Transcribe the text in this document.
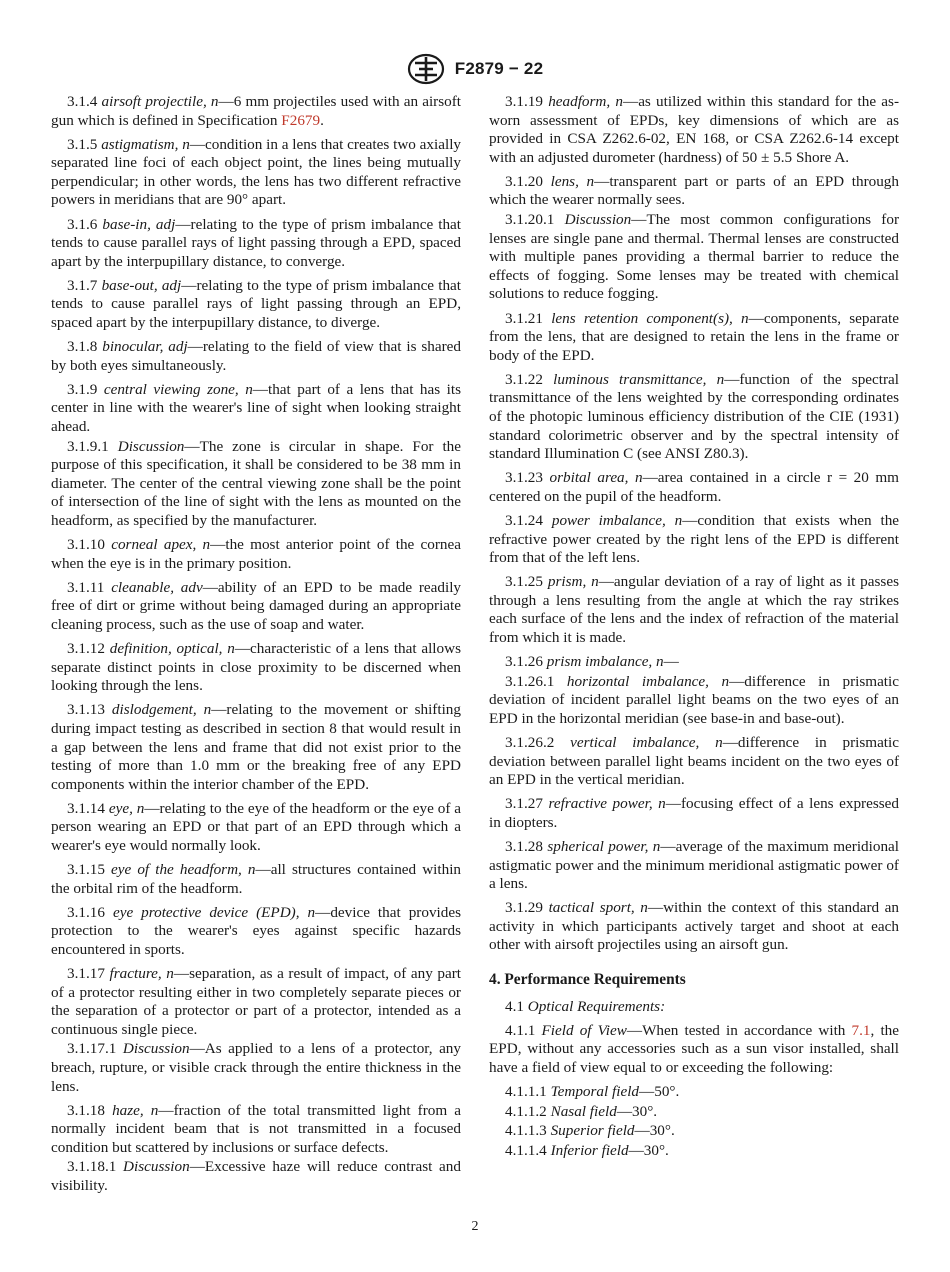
F2879 − 22

3.1.4 airsoft projectile, n—6 mm projectiles used with an airsoft gun which is defined in Specification F2679.

3.1.5 astigmatism, n—condition in a lens that creates two axially separated line foci of each object point, the lines being mutually perpendicular; in other words, the lens has two different refractive powers in meridians that are 90° apart.

3.1.6 base-in, adj—relating to the type of prism imbalance that tends to cause parallel rays of light passing through a EPD, spaced apart by the interpupillary distance, to converge.

3.1.7 base-out, adj—relating to the type of prism imbalance that tends to cause parallel rays of light passing through an EPD, spaced apart by the interpupillary distance, to diverge.

3.1.8 binocular, adj—relating to the field of view that is shared by both eyes simultaneously.

3.1.9 central viewing zone, n—that part of a lens that has its center in line with the wearer's line of sight when looking straight ahead.

3.1.9.1 Discussion—The zone is circular in shape. For the purpose of this specification, it shall be considered to be 38 mm in diameter. The center of the central viewing zone shall be the point of intersection of the line of sight with the lens as mounted on the headform, as specified by the manufacturer.

3.1.10 corneal apex, n—the most anterior point of the cornea when the eye is in the primary position.

3.1.11 cleanable, adv—ability of an EPD to be made readily free of dirt or grime without being damaged during an appropriate cleaning process, such as the use of soap and water.

3.1.12 definition, optical, n—characteristic of a lens that allows separate distinct points in close proximity to be discerned when looking through the lens.

3.1.13 dislodgement, n—relating to the movement or shifting during impact testing as described in section 8 that would result in a gap between the lens and frame that did not exist prior to the testing of more than 1.0 mm or the breaking free of any EPD components within the interior chamber of the EPD.

3.1.14 eye, n—relating to the eye of the headform or the eye of a person wearing an EPD or that part of an EPD through which a wearer's eye would normally look.

3.1.15 eye of the headform, n—all structures contained within the orbital rim of the headform.

3.1.16 eye protective device (EPD), n—device that provides protection to the wearer's eyes against specific hazards encountered in sports.

3.1.17 fracture, n—separation, as a result of impact, of any part of a protector resulting either in two completely separate pieces or the separation of a protector or part of a protector, intended as a continuous single piece.

3.1.17.1 Discussion—As applied to a lens of a protector, any breach, rupture, or visible crack through the entire thickness in the lens.

3.1.18 haze, n—fraction of the total transmitted light from a normally incident beam that is not transmitted in a focused condition but scattered by inclusions or surface defects.

3.1.18.1 Discussion—Excessive haze will reduce contrast and visibility.

3.1.19 headform, n—as utilized within this standard for the as-worn assessment of EPDs, key dimensions of which are as provided in CSA Z262.6-02, EN 168, or CSA Z262.6-14 except with an adjusted durometer (hardness) of 50 ± 5.5 Shore A.

3.1.20 lens, n—transparent part or parts of an EPD through which the wearer normally sees.

3.1.20.1 Discussion—The most common configurations for lenses are single pane and thermal. Thermal lenses are constructed with multiple panes providing a thermal barrier to reduce the effects of fogging. Some lenses may be treated with chemical solutions to reduce fogging.

3.1.21 lens retention component(s), n—components, separate from the lens, that are designed to retain the lens in the frame or body of the EPD.

3.1.22 luminous transmittance, n—function of the spectral transmittance of the lens weighted by the corresponding ordinates of the photopic luminous efficiency distribution of the CIE (1931) standard colorimetric observer and by the spectral intensity of standard Illumination C (see ANSI Z80.3).

3.1.23 orbital area, n—area contained in a circle r = 20 mm centered on the pupil of the headform.

3.1.24 power imbalance, n—condition that exists when the refractive power created by the right lens of the EPD is different from that of the left lens.

3.1.25 prism, n—angular deviation of a ray of light as it passes through a lens resulting from the angle at which the ray strikes each surface of the lens and the index of refraction of the material from which it is made.

3.1.26 prism imbalance, n—

3.1.26.1 horizontal imbalance, n—difference in prismatic deviation of incident parallel light beams on the two eyes of an EPD in the horizontal meridian (see base-in and base-out).

3.1.26.2 vertical imbalance, n—difference in prismatic deviation between parallel light beams incident on the two eyes of an EPD in the vertical meridian.

3.1.27 refractive power, n—focusing effect of a lens expressed in diopters.

3.1.28 spherical power, n—average of the maximum meridional astigmatic power and the minimum meridional astigmatic power of a lens.

3.1.29 tactical sport, n—within the context of this standard an activity in which participants actively target and shoot at each other with airsoft projectiles using an airsoft gun.

4. Performance Requirements

4.1 Optical Requirements:

4.1.1 Field of View—When tested in accordance with 7.1, the EPD, without any accessories such as a sun visor installed, shall have a field of view equal to or exceeding the following:

4.1.1.1 Temporal field—50°.

4.1.1.2 Nasal field—30°.

4.1.1.3 Superior field—30°.

4.1.1.4 Inferior field—30°.

2
